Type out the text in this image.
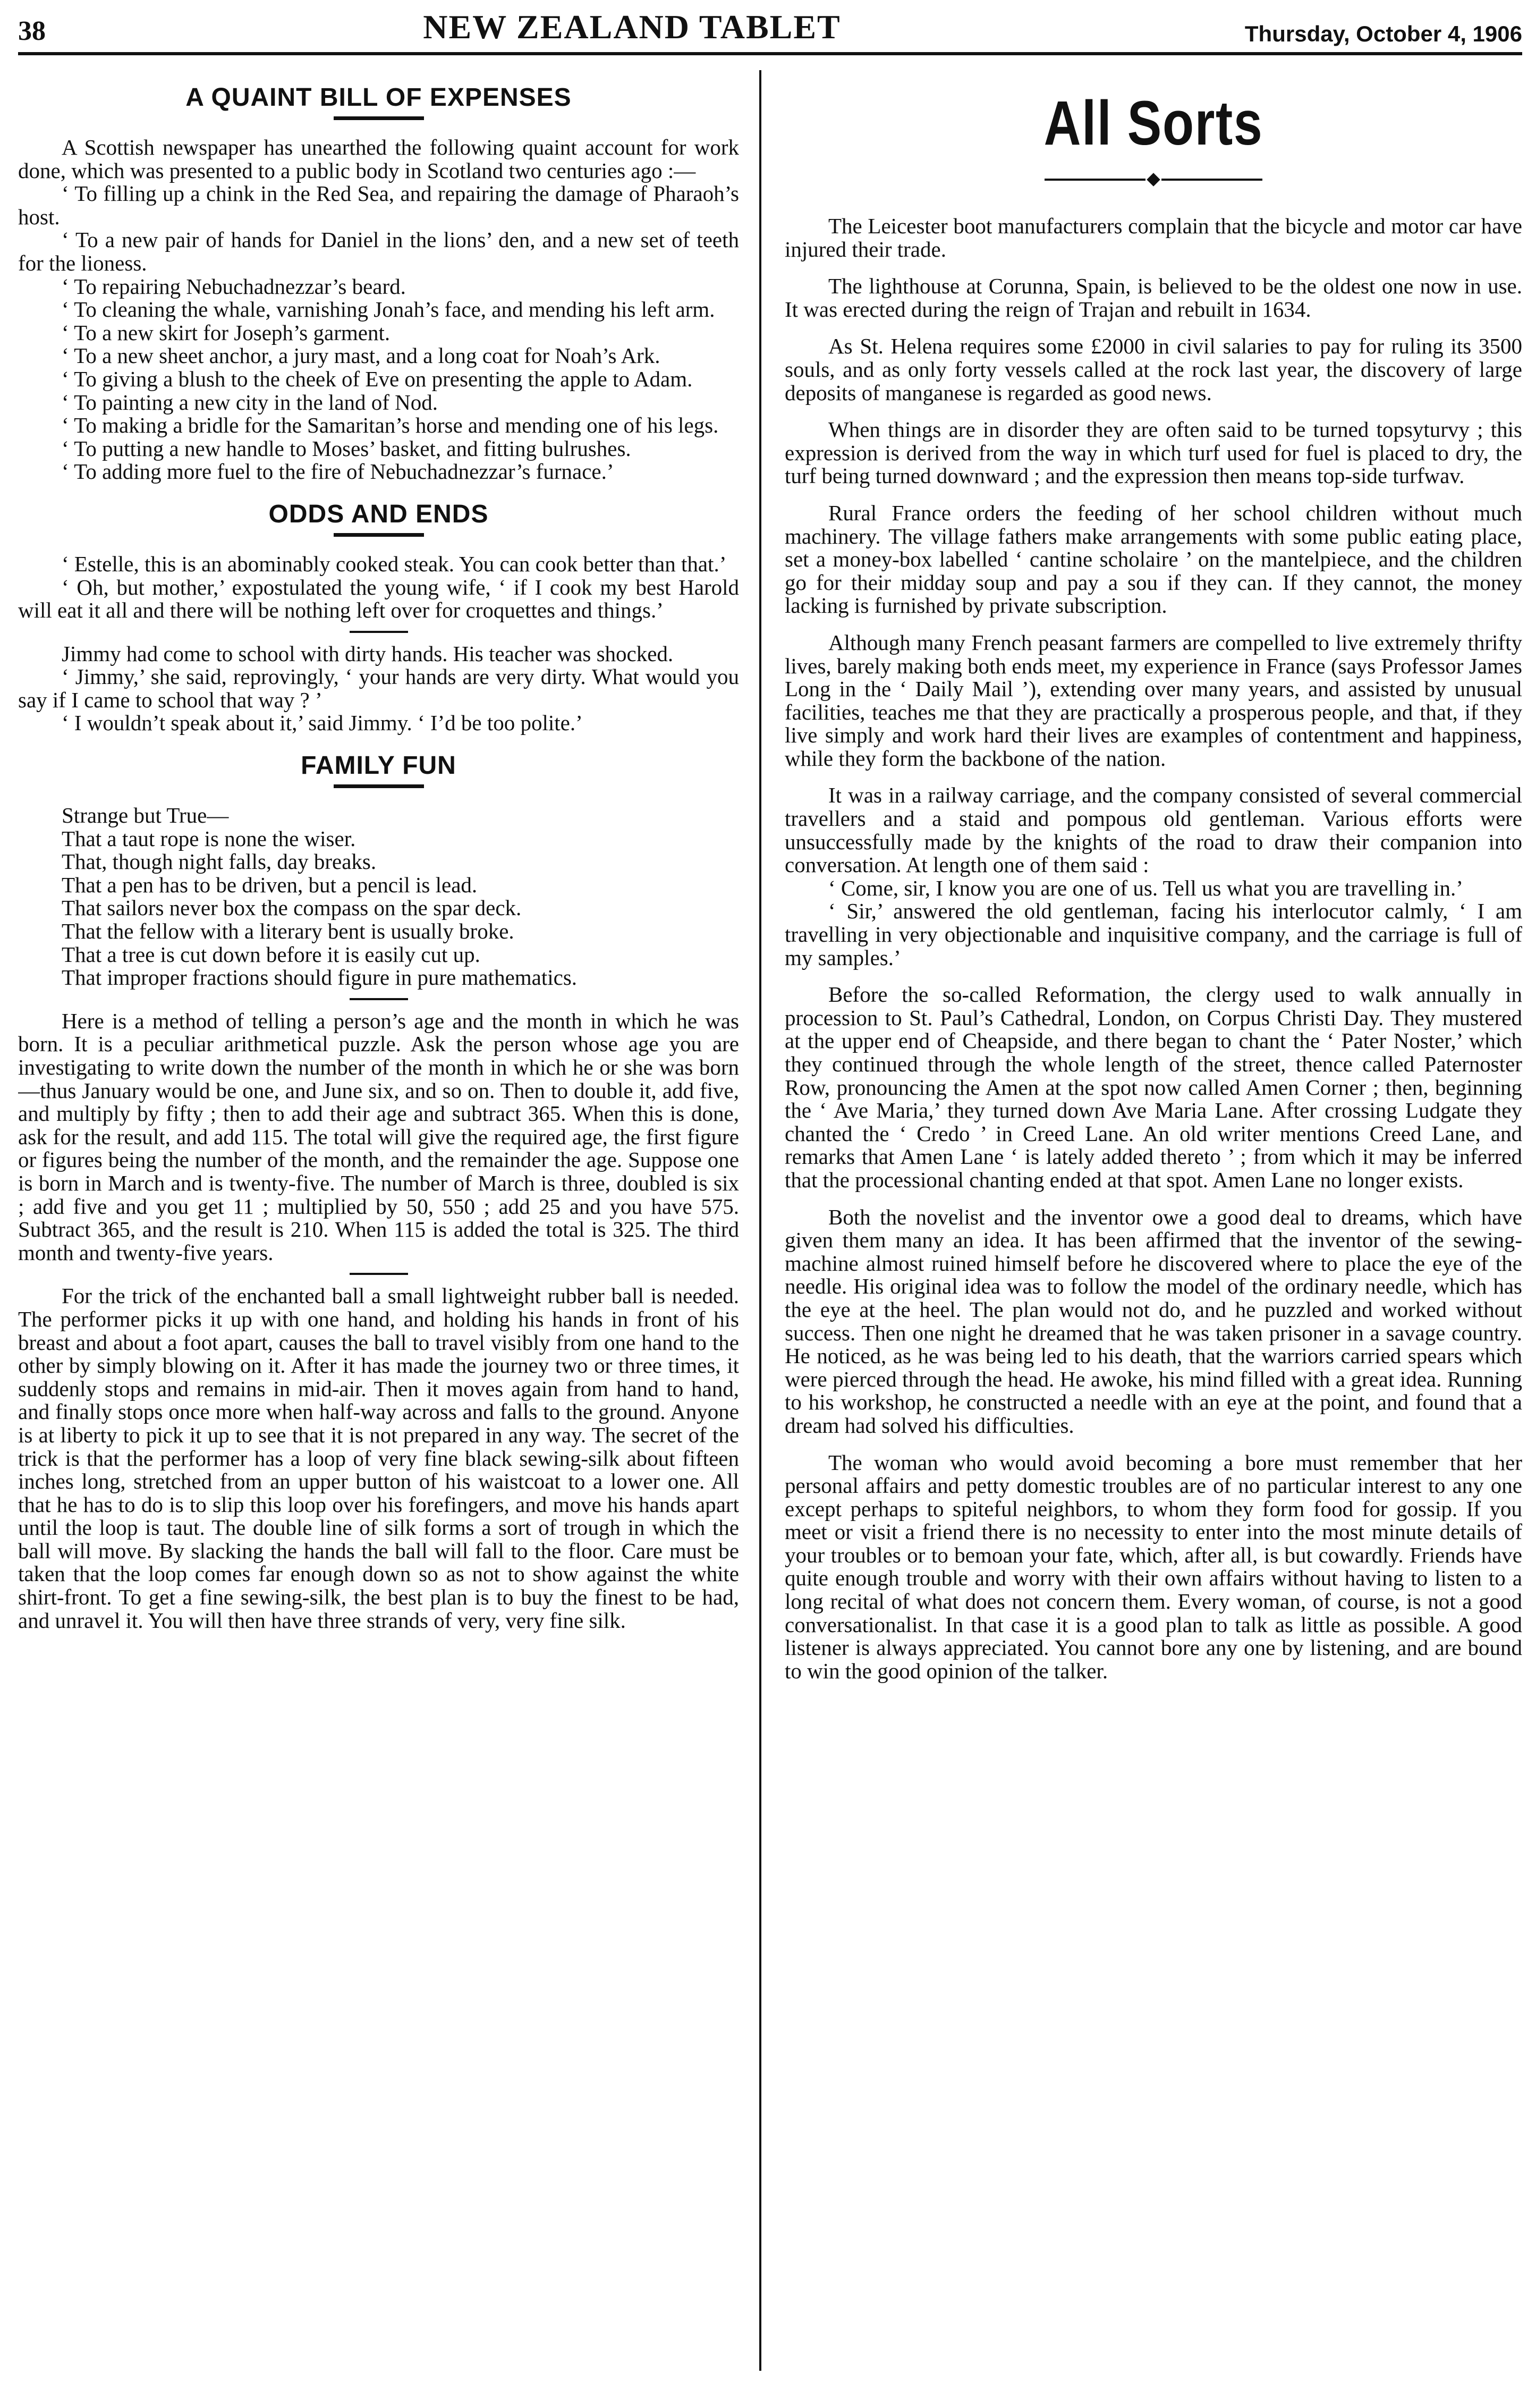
38	NEW ZEALAND TABLET	Thursday, October 4, 1906
A QUAINT BILL OF EXPENSES

A Scottish newspaper has unearthed the following quaint account for work done, which was presented to a public body in Scotland two centuries ago :—

‘ To filling up a chink in the Red Sea, and repairing the damage of Pharaoh’s host.

‘ To a new pair of hands for Daniel in the lions’ den, and a new set of teeth for the lioness.

‘ To repairing Nebuchadnezzar’s beard.

‘ To cleaning the whale, varnishing Jonah’s face, and mending his left arm.

‘ To a new skirt for Joseph’s garment.

‘ To a new sheet anchor, a jury mast, and a long coat for Noah’s Ark.

‘ To giving a blush to the cheek of Eve on presenting the apple to Adam.

‘ To painting a new city in the land of Nod.

‘ To making a bridle for the Samaritan’s horse and mending one of his legs.

‘ To putting a new handle to Moses’ basket, and fitting bulrushes.

‘ To adding more fuel to the fire of Nebuchadnezzar’s furnace.’

ODDS AND ENDS

‘ Estelle, this is an abominably cooked steak. You can cook better than that.’

‘ Oh, but mother,’ expostulated the young wife, ‘ if I cook my best Harold will eat it all and there will be nothing left over for croquettes and things.’

Jimmy had come to school with dirty hands. His teacher was shocked.

‘ Jimmy,’ she said, reprovingly, ‘ your hands are very dirty. What would you say if I came to school that way ? ’

‘ I wouldn’t speak about it,’ said Jimmy. ‘ I’d be too polite.’

FAMILY FUN

Strange but True—

That a taut rope is none the wiser.

That, though night falls, day breaks.

That a pen has to be driven, but a pencil is lead.

That sailors never box the compass on the spar deck.

That the fellow with a literary bent is usually broke.

That a tree is cut down before it is easily cut up.

That improper fractions should figure in pure mathematics.

Here is a method of telling a person’s age and the month in which he was born. It is a peculiar arithmetical puzzle. Ask the person whose age you are investigating to write down the number of the month in which he or she was born—thus January would be one, and June six, and so on. Then to double it, add five, and multiply by fifty ; then to add their age and subtract 365. When this is done, ask for the result, and add 115. The total will give the required age, the first figure or figures being the number of the month, and the remainder the age. Suppose one is born in March and is twenty-five. The number of March is three, doubled is six ; add five and you get 11 ; multiplied by 50, 550 ; add 25 and you have 575. Subtract 365, and the result is 210. When 115 is added the total is 325. The third month and twenty-five years.

For the trick of the enchanted ball a small lightweight rubber ball is needed. The performer picks it up with one hand, and holding his hands in front of his breast and about a foot apart, causes the ball to travel visibly from one hand to the other by simply blowing on it. After it has made the journey two or three times, it suddenly stops and remains in mid-air. Then it moves again from hand to hand, and finally stops once more when half-way across and falls to the ground. Anyone is at liberty to pick it up to see that it is not prepared in any way. The secret of the trick is that the performer has a loop of very fine black sewing-silk about fifteen inches long, stretched from an upper button of his waistcoat to a lower one. All that he has to do is to slip this loop over his forefingers, and move his hands apart until the loop is taut. The double line of silk forms a sort of trough in which the ball will move. By slacking the hands the ball will fall to the floor. Care must be taken that the loop comes far enough down so as not to show against the white shirt-front. To get a fine sewing-silk, the best plan is to buy the finest to be had, and unravel it. You will then have three strands of very, very fine silk.

All Sorts

The Leicester boot manufacturers complain that the bicycle and motor car have injured their trade.

The lighthouse at Corunna, Spain, is believed to be the oldest one now in use. It was erected during the reign of Trajan and rebuilt in 1634.

As St. Helena requires some £2000 in civil salaries to pay for ruling its 3500 souls, and as only forty vessels called at the rock last year, the discovery of large deposits of manganese is regarded as good news.

When things are in disorder they are often said to be turned topsyturvy ; this expression is derived from the way in which turf used for fuel is placed to dry, the turf being turned downward ; and the expression then means top-side turfwav.

Rural France orders the feeding of her school children without much machinery. The village fathers make arrangements with some public eating place, set a money-box labelled ‘ cantine scholaire ’ on the mantelpiece, and the children go for their midday soup and pay a sou if they can. If they cannot, the money lacking is furnished by private subscription.

Although many French peasant farmers are compelled to live extremely thrifty lives, barely making both ends meet, my experience in France (says Professor James Long in the ‘ Daily Mail ’), extending over many years, and assisted by unusual facilities, teaches me that they are practically a prosperous people, and that, if they live simply and work hard their lives are examples of contentment and happiness, while they form the backbone of the nation.

It was in a railway carriage, and the company consisted of several commercial travellers and a staid and pompous old gentleman. Various efforts were unsuccessfully made by the knights of the road to draw their companion into conversation. At length one of them said :

‘ Come, sir, I know you are one of us. Tell us what you are travelling in.’

‘ Sir,’ answered the old gentleman, facing his interlocutor calmly, ‘ I am travelling in very objectionable and inquisitive company, and the carriage is full of my samples.’

Before the so-called Reformation, the clergy used to walk annually in procession to St. Paul’s Cathedral, London, on Corpus Christi Day. They mustered at the upper end of Cheapside, and there began to chant the ‘ Pater Noster,’ which they continued through the whole length of the street, thence called Paternoster Row, pronouncing the Amen at the spot now called Amen Corner ; then, beginning the ‘ Ave Maria,’ they turned down Ave Maria Lane. After crossing Ludgate they chanted the ‘ Credo ’ in Creed Lane. An old writer mentions Creed Lane, and remarks that Amen Lane ‘ is lately added thereto ’ ; from which it may be inferred that the processional chanting ended at that spot. Amen Lane no longer exists.

Both the novelist and the inventor owe a good deal to dreams, which have given them many an idea. It has been affirmed that the inventor of the sewing-machine almost ruined himself before he discovered where to place the eye of the needle. His original idea was to follow the model of the ordinary needle, which has the eye at the heel. The plan would not do, and he puzzled and worked without success. Then one night he dreamed that he was taken prisoner in a savage country. He noticed, as he was being led to his death, that the warriors carried spears which were pierced through the head. He awoke, his mind filled with a great idea. Running to his workshop, he constructed a needle with an eye at the point, and found that a dream had solved his difficulties.

The woman who would avoid becoming a bore must remember that her personal affairs and petty domestic troubles are of no particular interest to any one except perhaps to spiteful neighbors, to whom they form food for gossip. If you meet or visit a friend there is no necessity to enter into the most minute details of your troubles or to bemoan your fate, which, after all, is but cowardly. Friends have quite enough trouble and worry with their own affairs without having to listen to a long recital of what does not concern them. Every woman, of course, is not a good conversationalist. In that case it is a good plan to talk as little as possible. A good listener is always appreciated. You cannot bore any one by listening, and are bound to win the good opinion of the talker.
